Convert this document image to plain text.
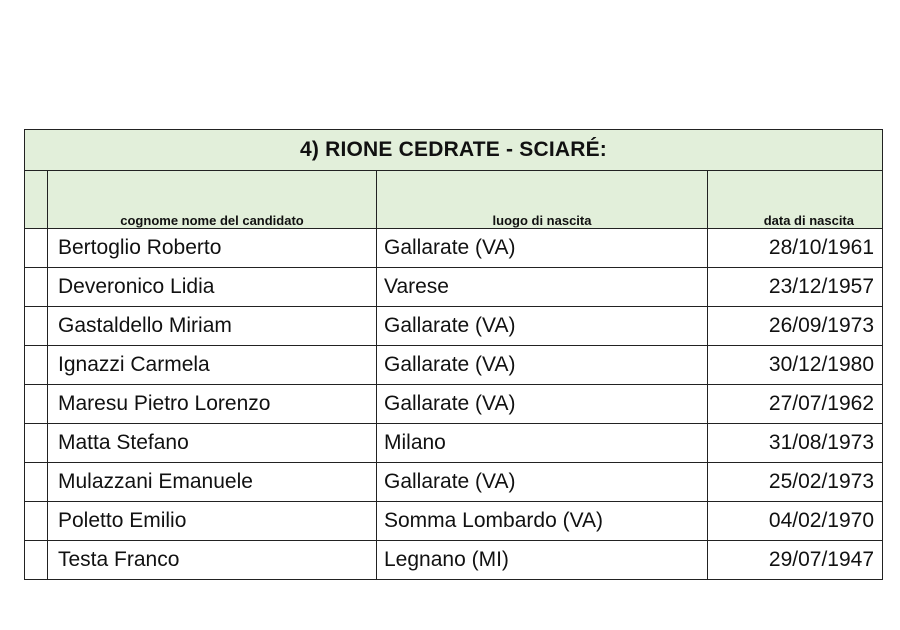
4) RIONE CEDRATE - SCIARÉ:			
	cognome nome del candidato	luogo di nascita	data di nascita
	Bertoglio Roberto	Gallarate (VA)	28/10/1961
	Deveronico Lidia	Varese	23/12/1957
	Gastaldello Miriam	Gallarate (VA)	26/09/1973
	Ignazzi Carmela	Gallarate (VA)	30/12/1980
	Maresu Pietro Lorenzo	Gallarate (VA)	27/07/1962
	Matta Stefano	Milano	31/08/1973
	Mulazzani Emanuele	Gallarate (VA)	25/02/1973
	Poletto Emilio	Somma Lombardo (VA)	04/02/1970
	Testa Franco	Legnano (MI)	29/07/1947
